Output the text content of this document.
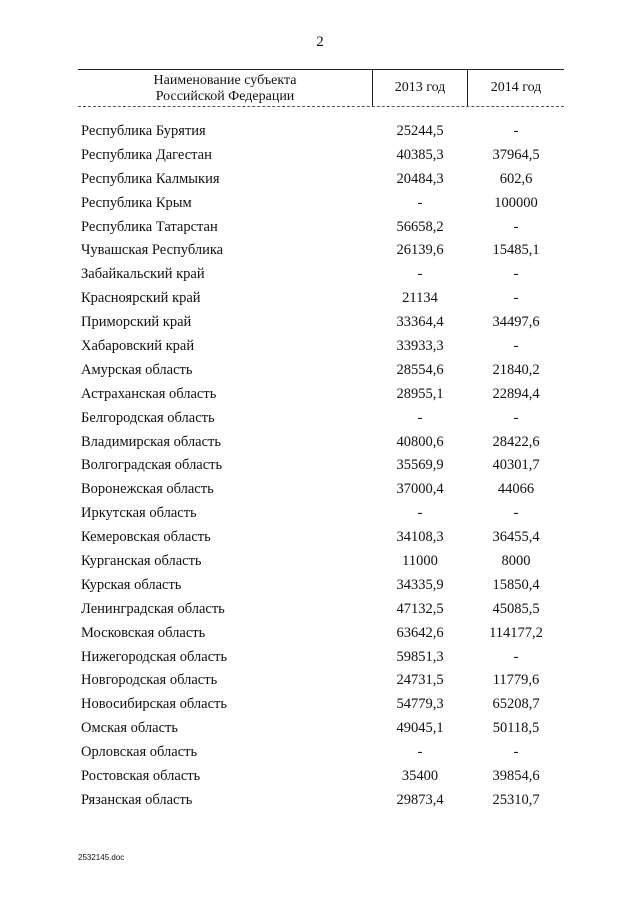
2
Наименование субъекта
Российской Федерации
2013 год	2014 год
Республика Бурятия	25244,5	-
Республика Дагестан	40385,3	37964,5
Республика Калмыкия	20484,3	602,6
Республика Крым	-	100000
Республика Татарстан	56658,2	-
Чувашская Республика	26139,6	15485,1
Забайкальский край	-	-
Красноярский край	21134	-
Приморский край	33364,4	34497,6
Хабаровский край	33933,3	-
Амурская область	28554,6	21840,2
Астраханская область	28955,1	22894,4
Белгородская область	-	-
Владимирская область	40800,6	28422,6
Волгоградская область	35569,9	40301,7
Воронежская область	37000,4	44066
Иркутская область	-	-
Кемеровская область	34108,3	36455,4
Курганская область	11000	8000
Курская область	34335,9	15850,4
Ленинградская область	47132,5	45085,5
Московская область	63642,6	114177,2
Нижегородская область	59851,3	-
Новгородская область	24731,5	11779,6
Новосибирская область	54779,3	65208,7
Омская область	49045,1	50118,5
Орловская область	-	-
Ростовская область	35400	39854,6
Рязанская область	29873,4	25310,7
2532145.doc
